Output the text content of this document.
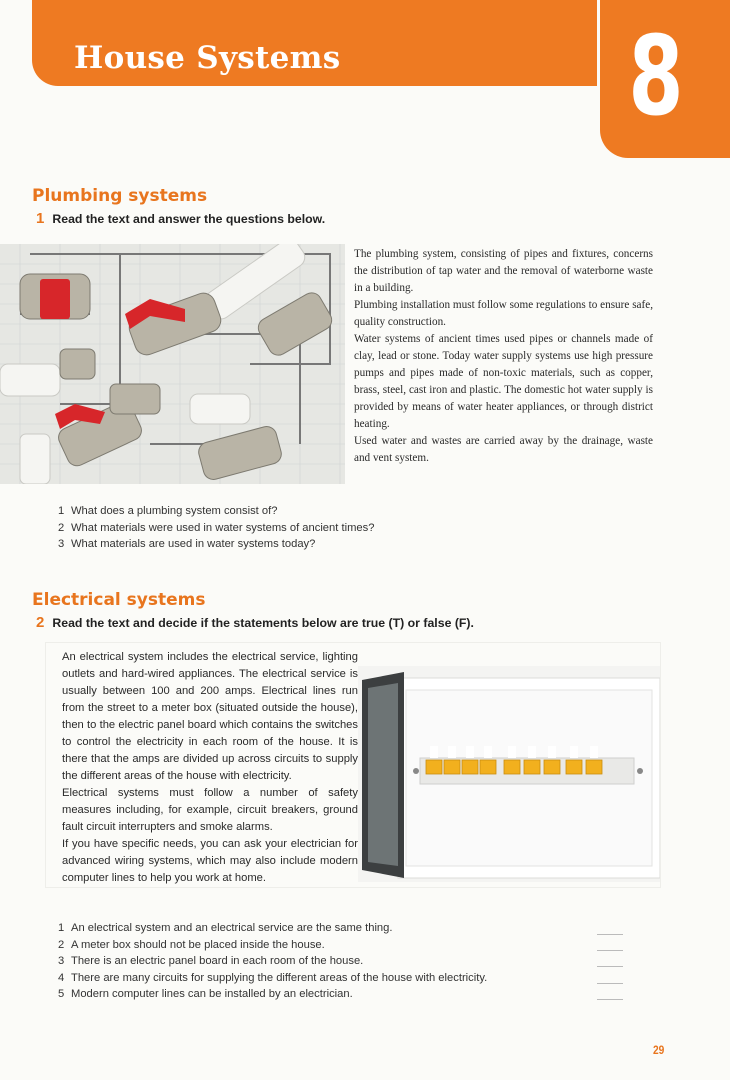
House Systems	8
Plumbing systems
1 Read the text and answer the questions below.

The plumbing system, consisting of pipes and fixtures, concerns the distribution of tap water and the removal of waterborne waste in a building.

Plumbing installation must follow some regulations to ensure safe, quality construction.

Water systems of ancient times used pipes or channels made of clay, lead or stone. Today water supply systems use high pressure pumps and pipes made of non-toxic materials, such as copper, brass, steel, cast iron and plastic. The domestic hot water supply is provided by means of water heater appliances, or through district heating.

Used water and wastes are carried away by the drainage, waste and vent system.

1 What does a plumbing system consist of?
2 What materials were used in water systems of ancient times?
3 What materials are used in water systems today?
Electrical systems
2 Read the text and decide if the statements below are true (T) or false (F).

An electrical system includes the electrical service, lighting outlets and hard-wired appliances. The electrical service is usually between 100 and 200 amps. Electrical lines run from the street to a meter box (situated outside the house), then to the electric panel board which contains the switches to control the electricity in each room of the house. It is there that the amps are divided up across circuits to supply the different areas of the house with electricity.

Electrical systems must follow a number of safety measures including, for example, circuit breakers, ground fault circuit interrupters and smoke alarms.

If you have specific needs, you can ask your electrician for advanced wiring systems, which may also include modern computer lines to help you work at home.

1 An electrical system and an electrical service are the same thing.
2 A meter box should not be placed inside the house.
3 There is an electric panel board in each room of the house.
4 There are many circuits for supplying the different areas of the house with electricity.
5 Modern computer lines can be installed by an electrician.
29
